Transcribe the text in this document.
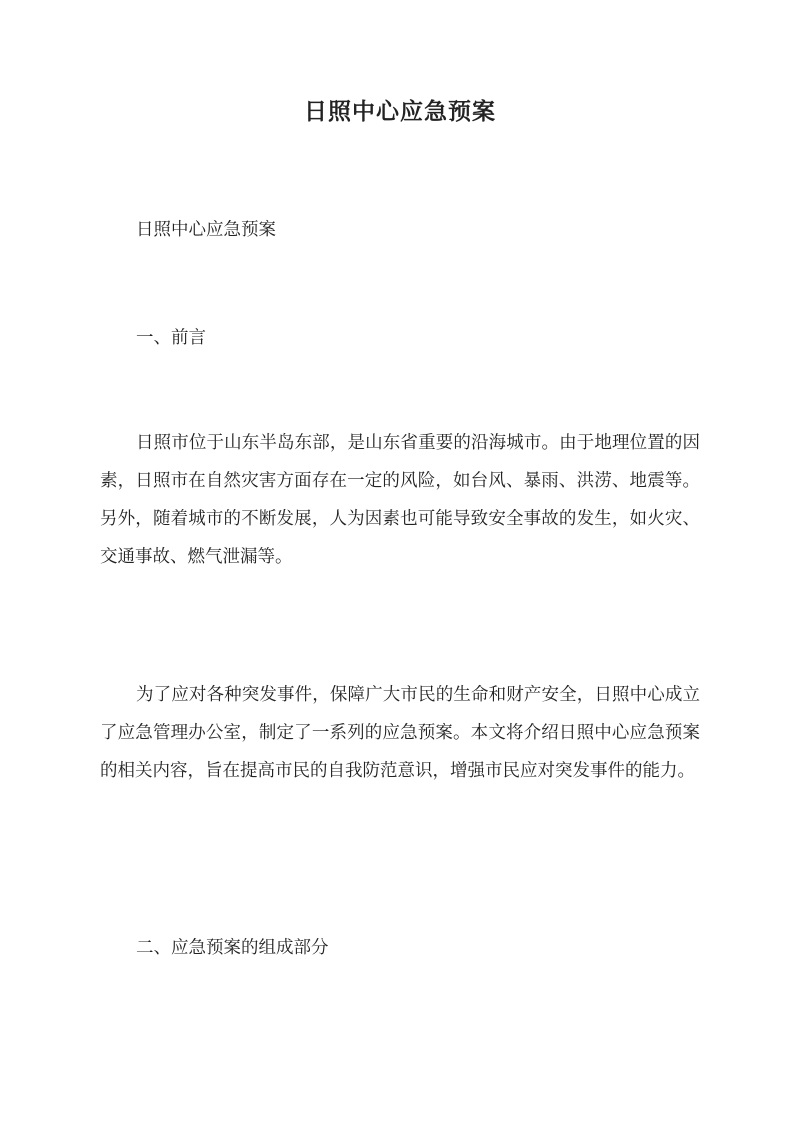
日照中心应急预案

日照中心应急预案

一、前言

日照市位于山东半岛东部，是山东省重要的沿海城市。由于地理位置的因素，日照市在自然灾害方面存在一定的风险，如台风、暴雨、洪涝、地震等。另外，随着城市的不断发展，人为因素也可能导致安全事故的发生，如火灾、交通事故、燃气泄漏等。

为了应对各种突发事件，保障广大市民的生命和财产安全，日照中心成立了应急管理办公室，制定了一系列的应急预案。本文将介绍日照中心应急预案的相关内容，旨在提高市民的自我防范意识，增强市民应对突发事件的能力。

二、应急预案的组成部分
